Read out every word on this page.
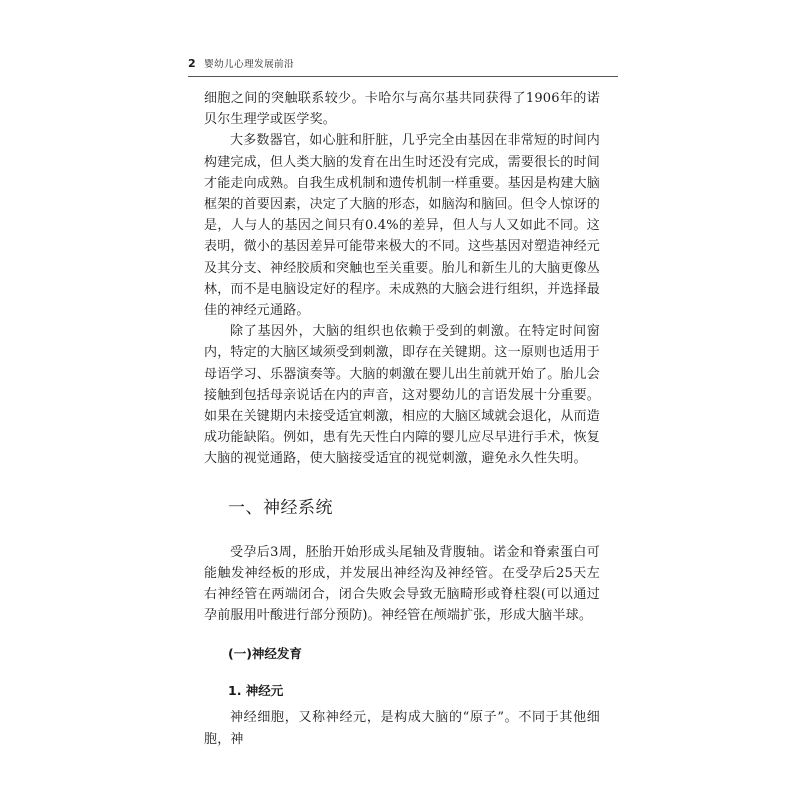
2 婴幼儿心理发展前沿

细胞之间的突触联系较少。卡哈尔与高尔基共同获得了1906年的诺贝尔生理学或医学奖。

大多数器官，如心脏和肝脏，几乎完全由基因在非常短的时间内构建完成，但人类大脑的发育在出生时还没有完成，需要很长的时间才能走向成熟。自我生成机制和遗传机制一样重要。基因是构建大脑框架的首要因素，决定了大脑的形态，如脑沟和脑回。但令人惊讶的是，人与人的基因之间只有0.4%的差异，但人与人又如此不同。这表明，微小的基因差异可能带来极大的不同。这些基因对塑造神经元及其分支、神经胶质和突触也至关重要。胎儿和新生儿的大脑更像丛林，而不是电脑设定好的程序。未成熟的大脑会进行组织，并选择最佳的神经元通路。

除了基因外，大脑的组织也依赖于受到的刺激。在特定时间窗内，特定的大脑区域须受到刺激，即存在关键期。这一原则也适用于母语学习、乐器演奏等。大脑的刺激在婴儿出生前就开始了。胎儿会接触到包括母亲说话在内的声音，这对婴幼儿的言语发展十分重要。如果在关键期内未接受适宜刺激，相应的大脑区域就会退化，从而造成功能缺陷。例如，患有先天性白内障的婴儿应尽早进行手术，恢复大脑的视觉通路，使大脑接受适宜的视觉刺激，避免永久性失明。

一、神经系统

受孕后3周，胚胎开始形成头尾轴及背腹轴。诺金和脊索蛋白可能触发神经板的形成，并发展出神经沟及神经管。在受孕后25天左右神经管在两端闭合，闭合失败会导致无脑畸形或脊柱裂(可以通过孕前服用叶酸进行部分预防)。神经管在颅端扩张，形成大脑半球。

(一)神经发育
1. 神经元

神经细胞，又称神经元，是构成大脑的“原子”。不同于其他细胞，神
